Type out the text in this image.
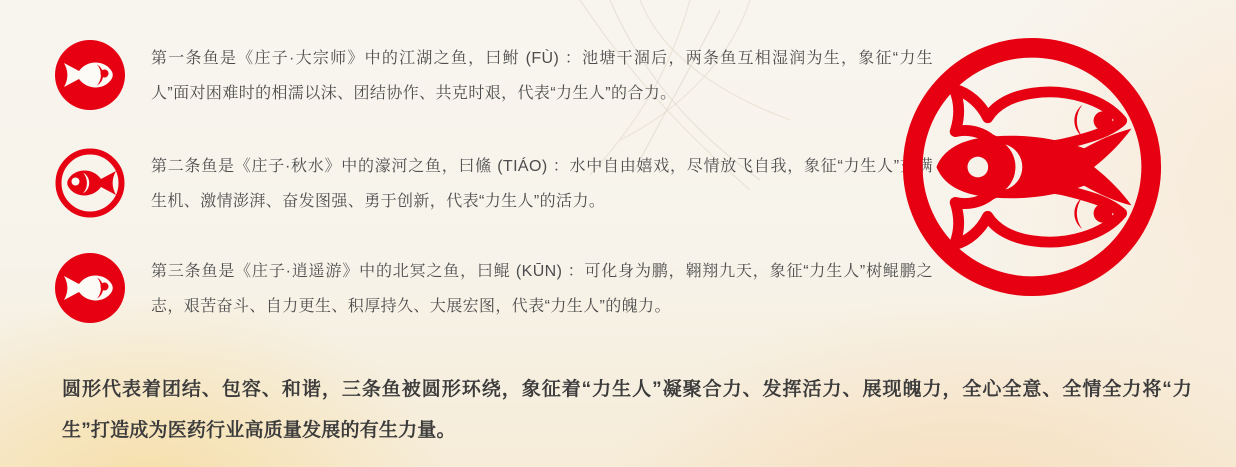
第一条鱼是《庄子·大宗师》中的江湖之鱼，曰鲋 (FÙ) ：池塘干涸后，两条鱼互相湿润为生，象征“力生人”面对困难时的相濡以沫、团结协作、共克时艰，代表“力生人”的合力。

第二条鱼是《庄子·秋水》中的濠河之鱼，曰鯈 (TIÁO) ：水中自由嬉戏，尽情放飞自我，象征“力生人”充满生机、激情澎湃、奋发图强、勇于创新，代表“力生人”的活力。

第三条鱼是《庄子·逍遥游》中的北冥之鱼，曰鲲 (KŪN) ：可化身为鹏，翱翔九天，象征“力生人”树鲲鹏之志，艰苦奋斗、自力更生、积厚持久、大展宏图，代表“力生人”的魄力。

圆形代表着团结、包容、和谐，三条鱼被圆形环绕，象征着“力生人”凝聚合力、发挥活力、展现魄力，全心全意、全情全力将“力生”打造成为医药行业高质量发展的有生力量。
